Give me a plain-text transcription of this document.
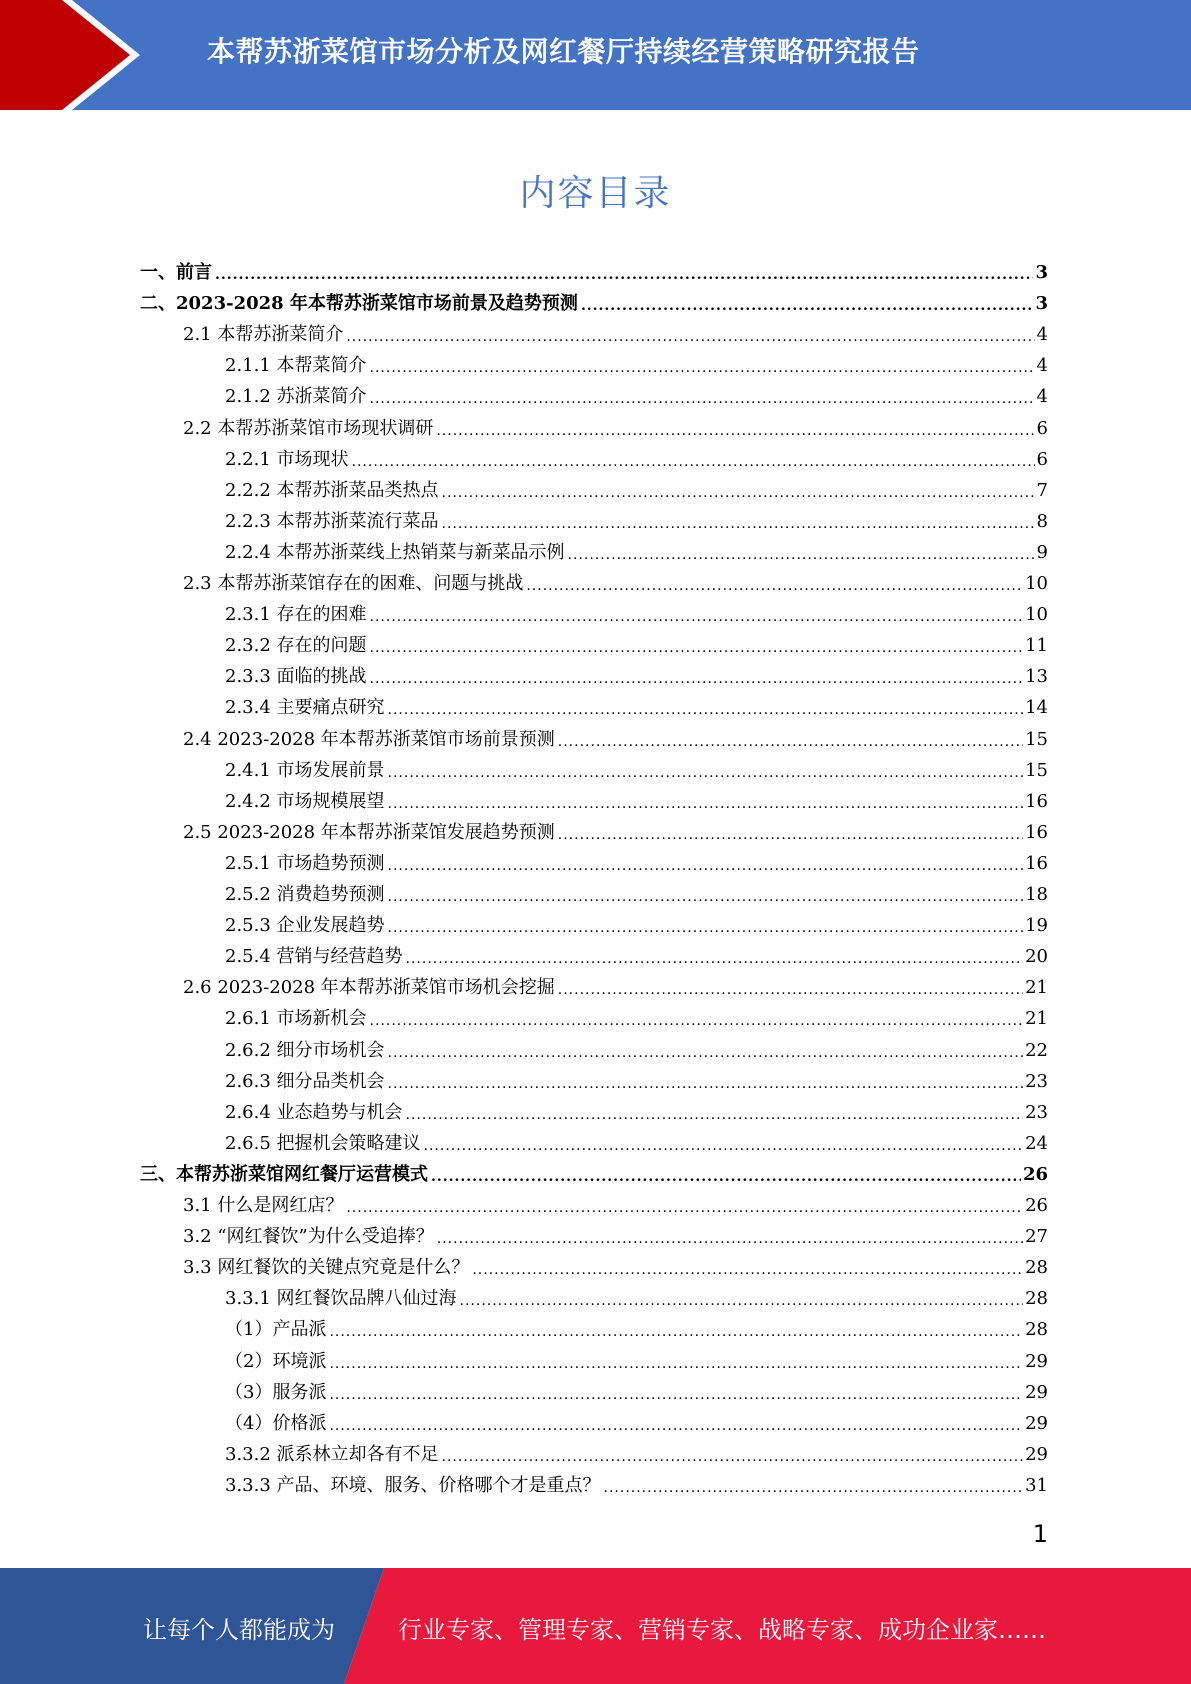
本帮苏浙菜馆市场分析及网红餐厅持续经营策略研究报告
内容目录
一、前言 .....	3
二、2023-2028 年本帮苏浙菜馆市场前景及趋势预测 .....	3
2.1 本帮苏浙菜简介 .....	4
2.1.1 本帮菜简介 .....	4
2.1.2 苏浙菜简介 .....	4
2.2 本帮苏浙菜馆市场现状调研 .....	6
2.2.1 市场现状 .....	6
2.2.2 本帮苏浙菜品类热点 .....	7
2.2.3 本帮苏浙菜流行菜品 .....	8
2.2.4 本帮苏浙菜线上热销菜与新菜品示例 .....	9
2.3 本帮苏浙菜馆存在的困难、问题与挑战 .....	10
2.3.1 存在的困难 .....	10
2.3.2 存在的问题 .....	11
2.3.3 面临的挑战 .....	13
2.3.4 主要痛点研究 .....	14
2.4 2023-2028 年本帮苏浙菜馆市场前景预测 .....	15
2.4.1 市场发展前景 .....	15
2.4.2 市场规模展望 .....	16
2.5 2023-2028 年本帮苏浙菜馆发展趋势预测 .....	16
2.5.1 市场趋势预测 .....	16
2.5.2 消费趋势预测 .....	18
2.5.3 企业发展趋势 .....	19
2.5.4 营销与经营趋势 .....	20
2.6 2023-2028 年本帮苏浙菜馆市场机会挖掘 .....	21
2.6.1 市场新机会 .....	21
2.6.2 细分市场机会 .....	22
2.6.3 细分品类机会 .....	23
2.6.4 业态趋势与机会 .....	23
2.6.5 把握机会策略建议 .....	24
三、本帮苏浙菜馆网红餐厅运营模式 .....	26
3.1 什么是网红店？ .....	26
3.2 “网红餐饮”为什么受追捧？ .....	27
3.3 网红餐饮的关键点究竟是什么？ .....	28
3.3.1 网红餐饮品牌八仙过海 .....	28
（1）产品派 .....	28
（2）环境派 .....	29
（3）服务派 .....	29
（4）价格派 .....	29
3.3.2 派系林立却各有不足 .....	29
3.3.3 产品、环境、服务、价格哪个才是重点？ .....	31
1
让每个人都能成为	行业专家、管理专家、营销专家、战略专家、成功企业家……
